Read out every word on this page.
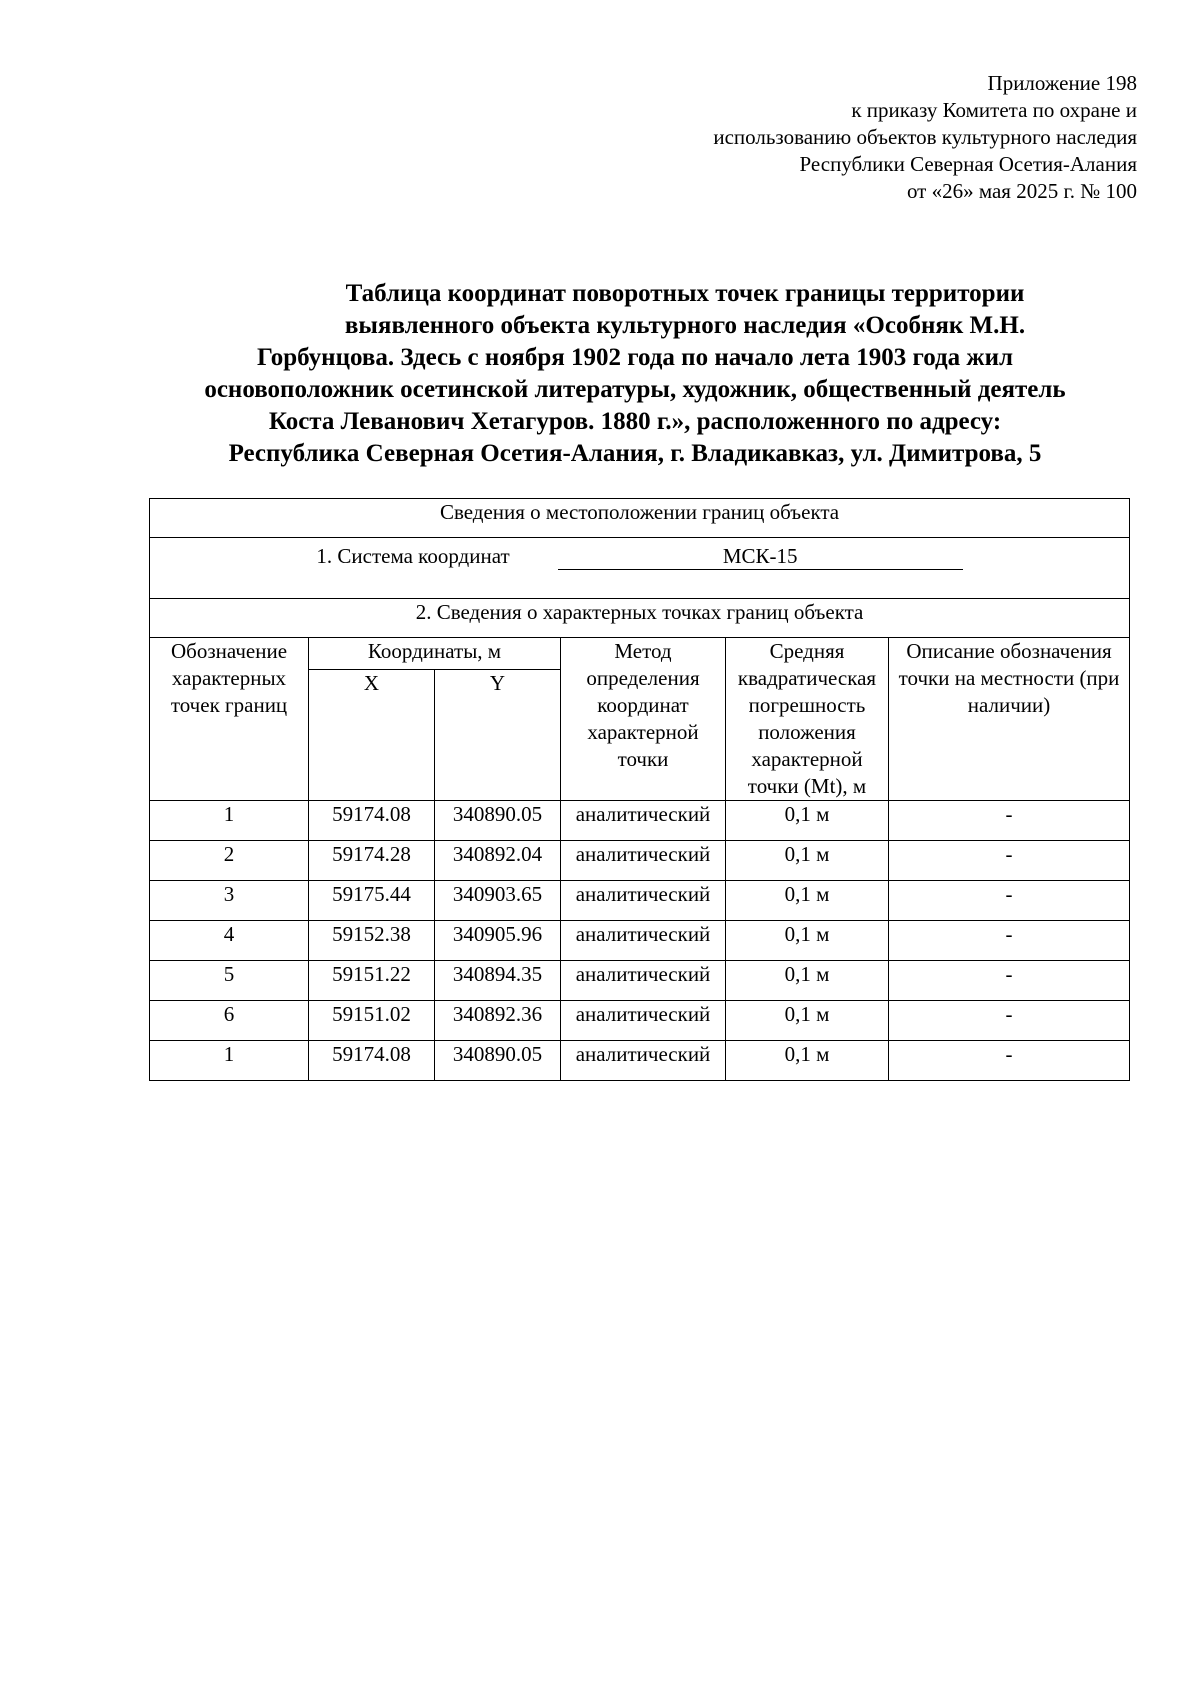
Приложение 198
к приказу Комитета по охране и
использованию объектов культурного наследия
Республики Северная Осетия-Алания
от «26» мая 2025 г. № 100
Таблица координат поворотных точек границы территории
выявленного объекта культурного наследия «Особняк М.Н.
Горбунцова. Здесь с ноября 1902 года по начало лета 1903 года жил
основоположник осетинской литературы, художник, общественный деятель
Коста Леванович Хетагуров. 1880 г.», расположенного по адресу:
Республика Северная Осетия-Алания, г. Владикавказ, ул. Димитрова, 5
Сведения о местоположении границ объекта					
1. Система координат МСК-15					
2. Сведения о характерных точках границ объекта					
Обозначение характерных точек границ	Координаты, м		Метод определения координат характерной точки	Средняя квадратическая погрешность положения характерной точки (Mt), м	Описание обозначения точки на местности (при наличии)
	X	Y			
1	59174.08	340890.05	аналитический	0,1 м	-
2	59174.28	340892.04	аналитический	0,1 м	-
3	59175.44	340903.65	аналитический	0,1 м	-
4	59152.38	340905.96	аналитический	0,1 м	-
5	59151.22	340894.35	аналитический	0,1 м	-
6	59151.02	340892.36	аналитический	0,1 м	-
1	59174.08	340890.05	аналитический	0,1 м	-
